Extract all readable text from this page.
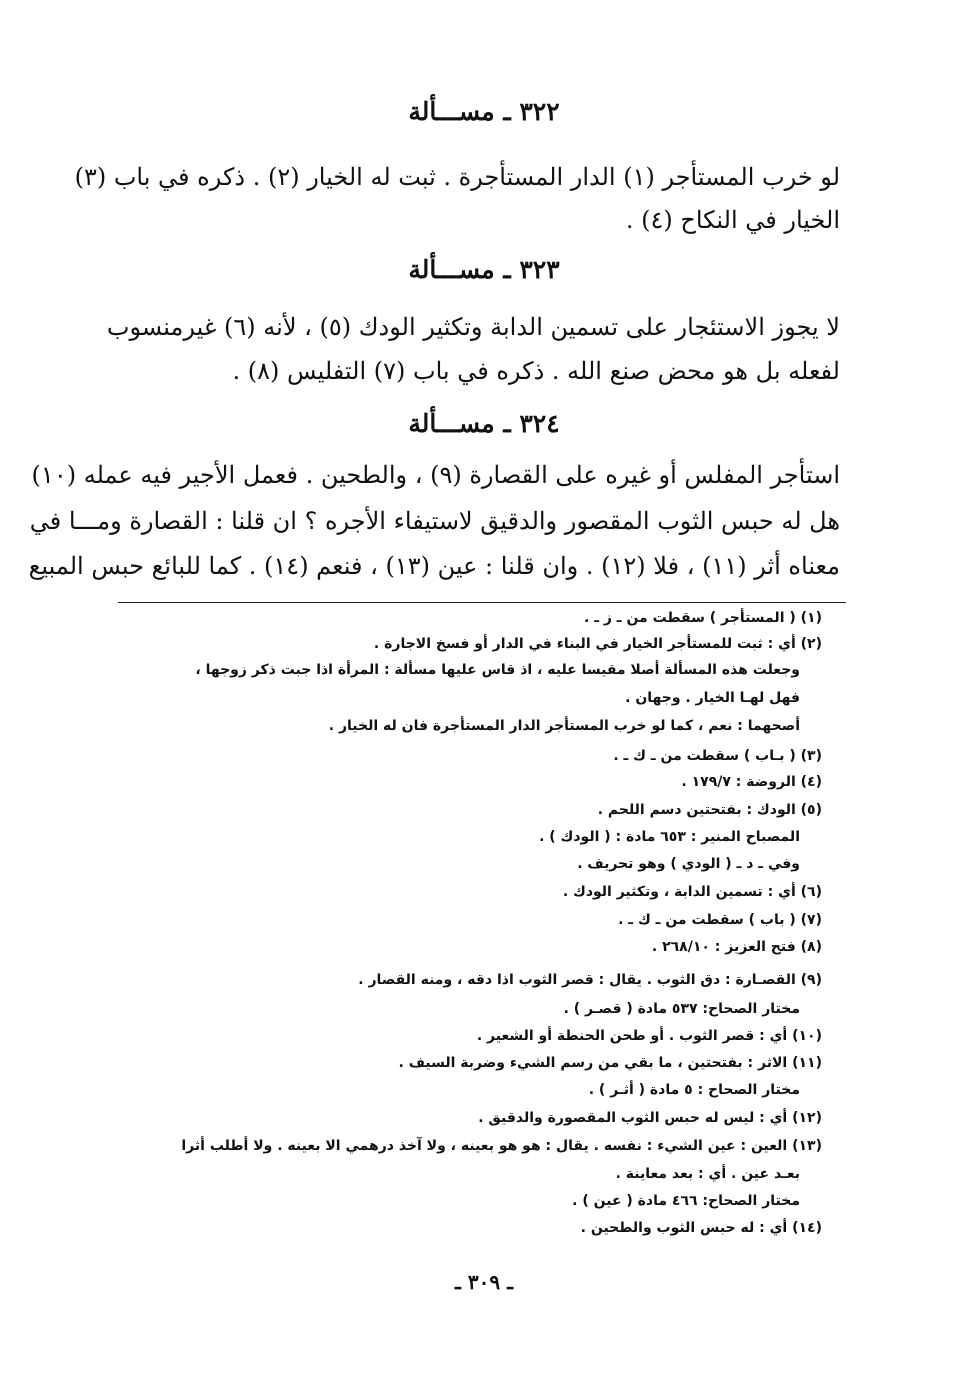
٣٢٢ ـ مســـألة
لو خرب المستأجر (١) الدار المستأجرة . ثبت له الخيار (٢) . ذكره في باب (٣)
الخيار في النكاح (٤) .
٣٢٣ ـ مســـألة
لا يجوز الاستئجار على تسمين الدابة وتكثير الودك (٥) ، لأنه (٦) غيرمنسوب
لفعله بل هو محض صنع الله . ذكره في باب (٧) التفليس (٨) .
٣٢٤ ـ مســـألة
استأجر المفلس أو غيره على القصارة (٩) ، والطحين . فعمل الأجير فيه عمله (١٠)
هل له حبس الثوب المقصور والدقيق لاستيفاء الأجره ؟ ان قلنا : القصارة ومـــا في
معناه أثر (١١) ، فلا (١٢) . وان قلنا : عين (١٣) ، فنعم (١٤) . كما للبائع حبس المبيع
(١) ( المستأجر ) سقطت من ـ ز ـ .
(٢) أي : ثبت للمستأجر الخيار في البناء في الدار أو فسخ الاجارة .
وجعلت هذه المسألة أصلا مقيسا عليه ، اذ قاس عليها مسألة : المرأة اذا جبت ذكر زوجها ،
فهل لهـا الخيار . وجهان .
أصحهما : نعم ، كما لو خرب المستأجر الدار المستأجرة فان له الخيار .
(٣) ( بـاب ) سقطت من ـ ك ـ .
(٤) الروضة : ١٧٩/٧ .
(٥) الودك : بفتحتين دسم اللحم .
المصباح المنير : ٦٥٣ مادة : ( الودك ) .
وفي ـ د ـ ( الودي ) وهو تحريف .
(٦) أي : تسمين الدابة ، وتكثير الودك .
(٧) ( باب ) سقطت من ـ ك ـ .
(٨) فتح العزيز : ٢٦٨/١٠ .
(٩) القصـارة : دق الثوب . يقال : قصر الثوب اذا دقه ، ومنه القصار .
مختار الصحاح: ٥٣٧ مادة ( قصـر ) .
(١٠) أي : قصر الثوب . أو طحن الحنطة أو الشعير .
(١١) الاثر : بفتحتين ، ما بقي من رسم الشيء وضربة السيف .
مختار الصحاح : ٥ مادة ( أثـر ) .
(١٢) أي : ليس له حبس الثوب المقصورة والدقيق .
(١٣) العين : عين الشيء : نفسه . يقال : هو هو بعينه ، ولا آخذ درهمي الا بعينه . ولا أطلب أثرا
بعـد عين . أي : بعد معاينة .
مختار الصحاح: ٤٦٦ مادة ( عين ) .
(١٤) أي : له حبس الثوب والطحين .
ـ ٣٠٩ ـ
